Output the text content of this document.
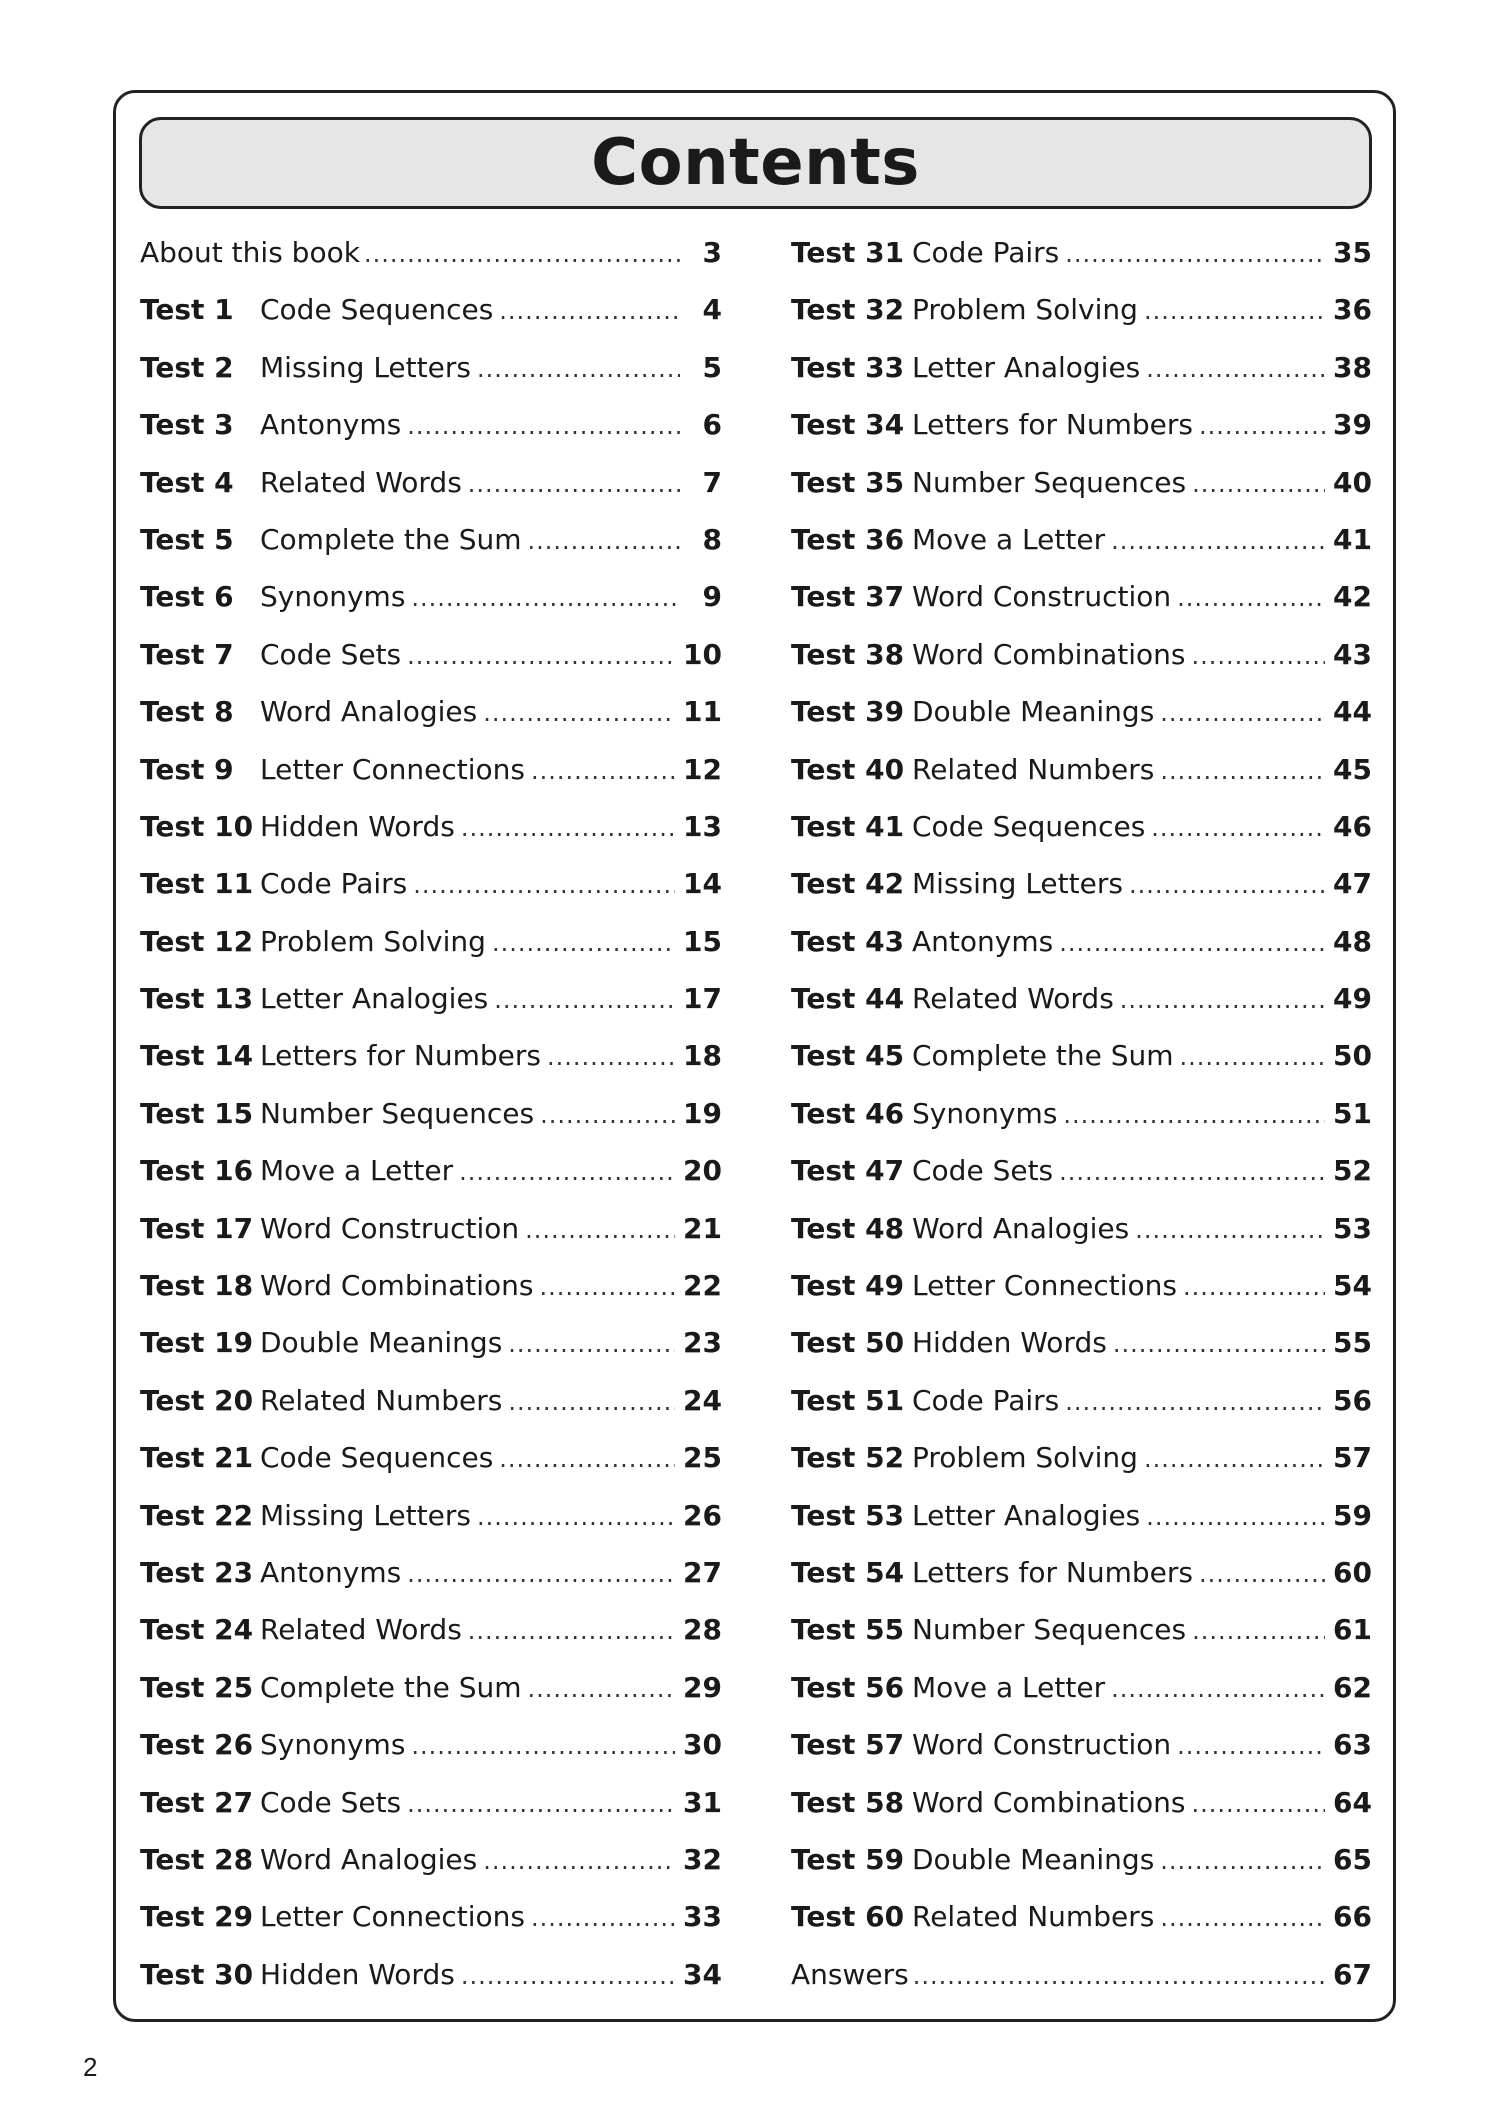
Contents
About this book .....	3
Test 1 Code Sequences .....	4
Test 2 Missing Letters .....	5
Test 3 Antonyms .....	6
Test 4 Related Words .....	7
Test 5 Complete the Sum .....	8
Test 6 Synonyms .....	9
Test 7 Code Sets .....	10
Test 8 Word Analogies .....	11
Test 9 Letter Connections .....	12
Test 10 Hidden Words .....	13
Test 11 Code Pairs .....	14
Test 12 Problem Solving .....	15
Test 13 Letter Analogies .....	17
Test 14 Letters for Numbers .....	18
Test 15 Number Sequences .....	19
Test 16 Move a Letter .....	20
Test 17 Word Construction .....	21
Test 18 Word Combinations .....	22
Test 19 Double Meanings .....	23
Test 20 Related Numbers .....	24
Test 21 Code Sequences .....	25
Test 22 Missing Letters .....	26
Test 23 Antonyms .....	27
Test 24 Related Words .....	28
Test 25 Complete the Sum .....	29
Test 26 Synonyms .....	30
Test 27 Code Sets .....	31
Test 28 Word Analogies .....	32
Test 29 Letter Connections .....	33
Test 30 Hidden Words .....	34
Test 31 Code Pairs .....	35
Test 32 Problem Solving .....	36
Test 33 Letter Analogies .....	38
Test 34 Letters for Numbers .....	39
Test 35 Number Sequences .....	40
Test 36 Move a Letter .....	41
Test 37 Word Construction .....	42
Test 38 Word Combinations .....	43
Test 39 Double Meanings .....	44
Test 40 Related Numbers .....	45
Test 41 Code Sequences .....	46
Test 42 Missing Letters .....	47
Test 43 Antonyms .....	48
Test 44 Related Words .....	49
Test 45 Complete the Sum .....	50
Test 46 Synonyms .....	51
Test 47 Code Sets .....	52
Test 48 Word Analogies .....	53
Test 49 Letter Connections .....	54
Test 50 Hidden Words .....	55
Test 51 Code Pairs .....	56
Test 52 Problem Solving .....	57
Test 53 Letter Analogies .....	59
Test 54 Letters for Numbers .....	60
Test 55 Number Sequences .....	61
Test 56 Move a Letter .....	62
Test 57 Word Construction .....	63
Test 58 Word Combinations .....	64
Test 59 Double Meanings .....	65
Test 60 Related Numbers .....	66
Answers .....	67
2
